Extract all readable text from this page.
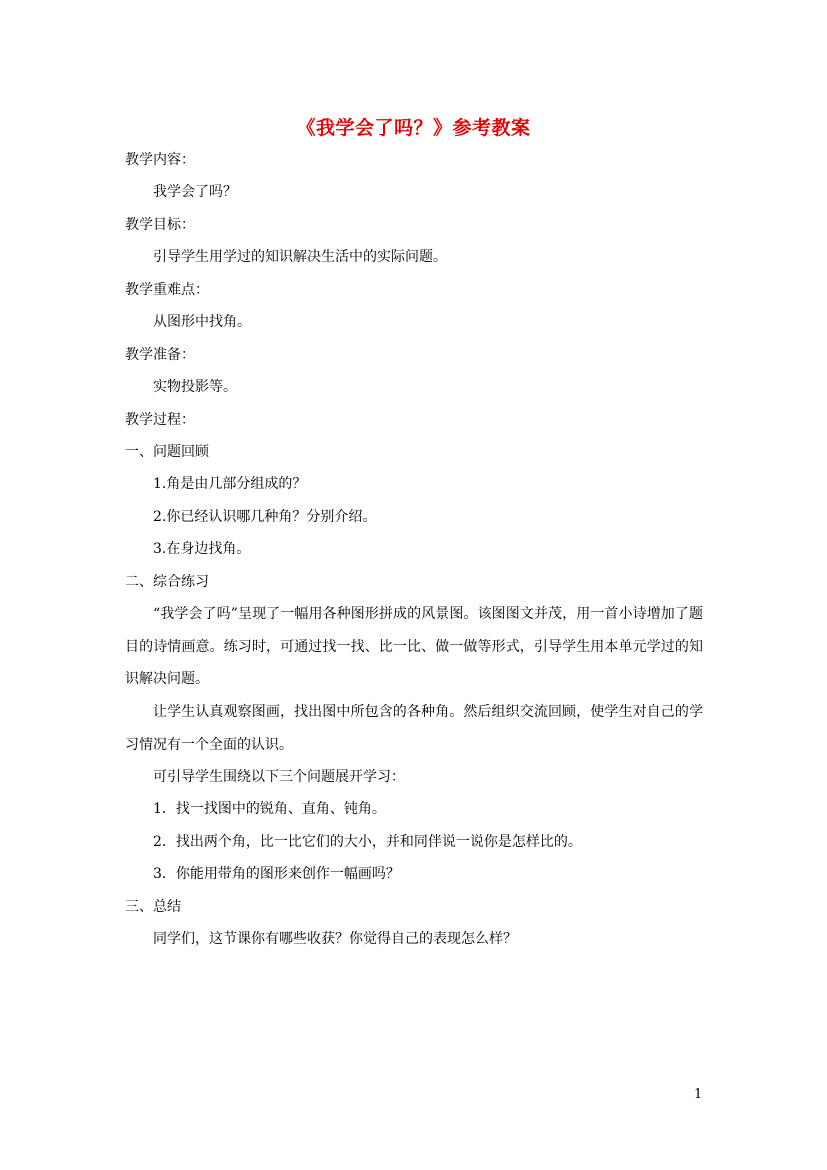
《我学会了吗？》参考教案
教学内容：
我学会了吗？
教学目标：
引导学生用学过的知识解决生活中的实际问题。
教学重难点：
从图形中找角。
教学准备：
实物投影等。
教学过程：
一、问题回顾
1.角是由几部分组成的？
2.你已经认识哪几种角？分别介绍。
3.在身边找角。
二、综合练习
“我学会了吗”呈现了一幅用各种图形拼成的风景图。该图图文并茂，用一首小诗增加了题目的诗情画意。练习时，可通过找一找、比一比、做一做等形式，引导学生用本单元学过的知识解决问题。
让学生认真观察图画，找出图中所包含的各种角。然后组织交流回顾，使学生对自己的学习情况有一个全面的认识。
可引导学生围绕以下三个问题展开学习：
1．找一找图中的锐角、直角、钝角。
2．找出两个角，比一比它们的大小，并和同伴说一说你是怎样比的。
3．你能用带角的图形来创作一幅画吗？
三、总结
同学们，这节课你有哪些收获？你觉得自己的表现怎么样？
1
